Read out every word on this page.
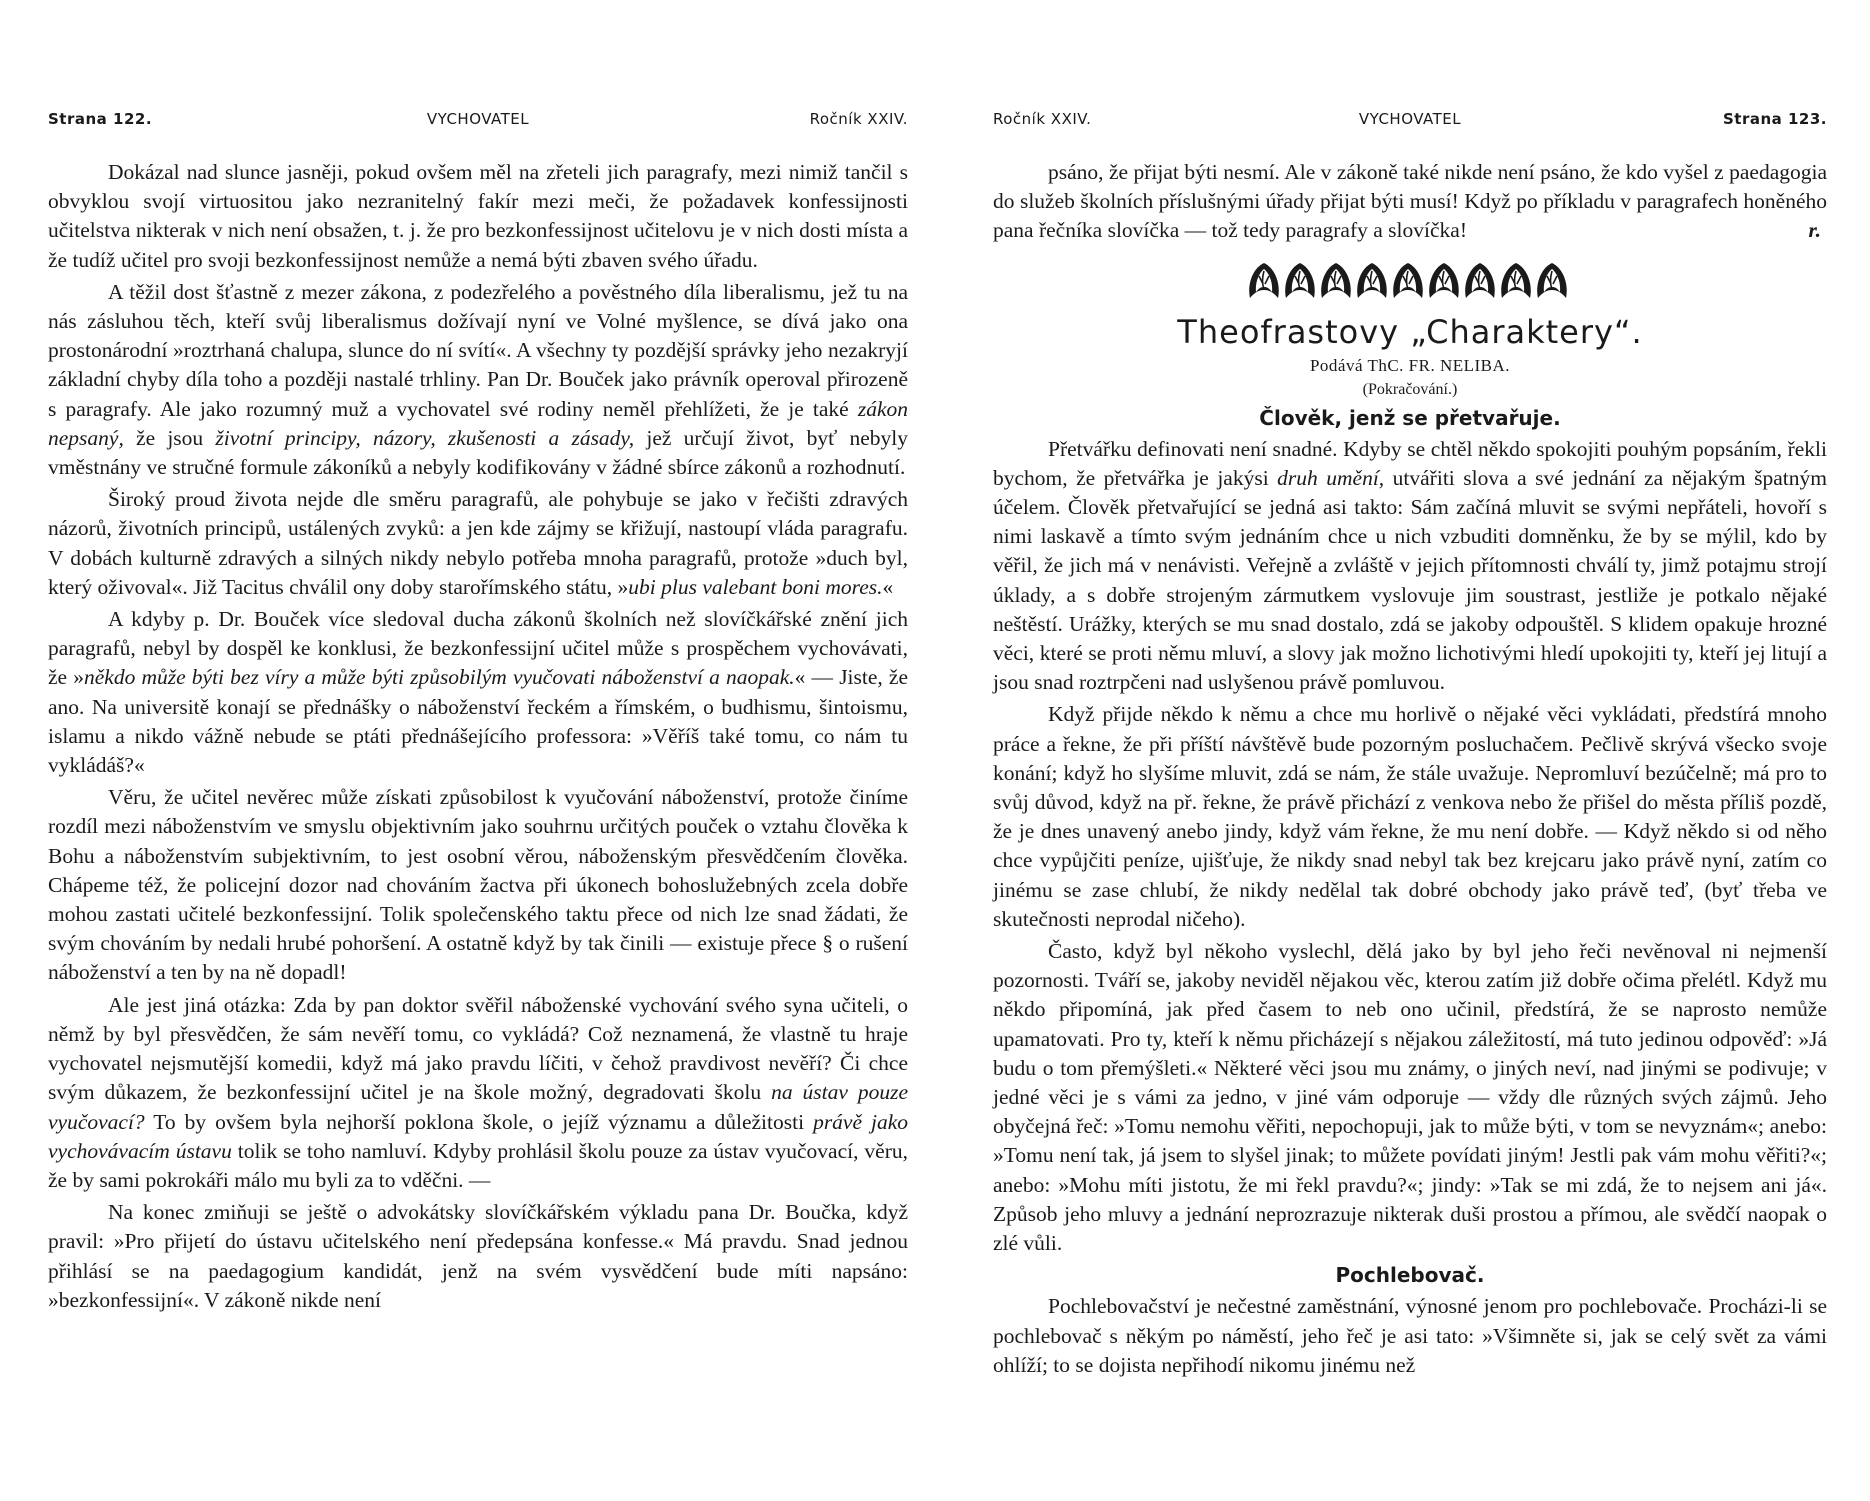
Strana 122.	VYCHOVATEL	Ročník XXIV.

Dokázal nad slunce jasněji, pokud ovšem měl na zřeteli jich paragrafy, mezi nimiž tančil s obvyklou svojí virtuositou jako nezranitelný fakír mezi meči, že požadavek konfessijnosti učitelstva nikterak v nich není obsažen, t. j. že pro bezkonfessijnost učitelovu je v nich dosti místa a že tudíž učitel pro svoji bezkonfessijnost nemůže a nemá býti zbaven svého úřadu.

A těžil dost šťastně z mezer zákona, z podezřelého a pověstného díla liberalismu, jež tu na nás zásluhou těch, kteří svůj liberalismus dožívají nyní ve Volné myšlence, se dívá jako ona prostonárodní »roztrhaná chalupa, slunce do ní svítí«. A všechny ty pozdější správky jeho nezakryjí základní chyby díla toho a později nastalé trhliny. Pan Dr. Bouček jako právník operoval přirozeně s paragrafy. Ale jako rozumný muž a vychovatel své rodiny neměl přehlížeti, že je také zákon nepsaný, že jsou životní principy, názory, zkušenosti a zásady, jež určují život, byť nebyly vměstnány ve stručné formule zákoníků a nebyly kodifikovány v žádné sbírce zákonů a rozhodnutí.

Široký proud života nejde dle směru paragrafů, ale pohybuje se jako v řečišti zdravých názorů, životních principů, ustálených zvyků: a jen kde zájmy se křižují, nastoupí vláda paragrafu. V dobách kulturně zdravých a silných nikdy nebylo potřeba mnoha paragrafů, protože »duch byl, který oživoval«. Již Tacitus chválil ony doby starořímského státu, »ubi plus valebant boni mores.«

A kdyby p. Dr. Bouček více sledoval ducha zákonů školních než slovíčkářské znění jich paragrafů, nebyl by dospěl ke konklusi, že bezkonfessijní učitel může s prospěchem vychovávati, že »někdo může býti bez víry a může býti způsobilým vyučovati náboženství a naopak.« — Jiste, že ano. Na universitě konají se přednášky o náboženství řeckém a římském, o budhismu, šintoismu, islamu a nikdo vážně nebude se ptáti přednášejícího professora: »Věříš také tomu, co nám tu vykládáš?«

Věru, že učitel nevěrec může získati způsobilost k vyučování náboženství, protože činíme rozdíl mezi náboženstvím ve smyslu objektivním jako souhrnu určitých pouček o vztahu člověka k Bohu a náboženstvím subjektivním, to jest osobní věrou, náboženským přesvědčením člověka. Chápeme též, že policejní dozor nad chováním žactva při úkonech bohoslužebných zcela dobře mohou zastati učitelé bezkonfessijní. Tolik společenského taktu přece od nich lze snad žádati, že svým chováním by nedali hrubé pohoršení. A ostatně když by tak činili — existuje přece § o rušení náboženství a ten by na ně dopadl!

Ale jest jiná otázka: Zda by pan doktor svěřil náboženské vychování svého syna učiteli, o němž by byl přesvědčen, že sám nevěří tomu, co vykládá? Což neznamená, že vlastně tu hraje vychovatel nejsmutější komedii, když má jako pravdu líčiti, v čehož pravdivost nevěří? Či chce svým důkazem, že bezkonfessijní učitel je na škole možný, degradovati školu na ústav pouze vyučovací? To by ovšem byla nejhorší poklona škole, o jejíž významu a důležitosti právě jako vychovávacím ústavu tolik se toho namluví. Kdyby prohlásil školu pouze za ústav vyučovací, věru, že by sami pokrokáři málo mu byli za to vděčni. —

Na konec zmiňuji se ještě o advokátsky slovíčkářském výkladu pana Dr. Boučka, když pravil: »Pro přijetí do ústavu učitelského není předepsána konfesse.« Má pravdu. Snad jednou přihlásí se na paedagogium kandidát, jenž na svém vysvědčení bude míti napsáno: »bezkonfessijní«. V zákoně nikde není

Ročník XXIV.	VYCHOVATEL	Strana 123.

psáno, že přijat býti nesmí. Ale v zákoně také nikde není psáno, že kdo vyšel z paedagogia do služeb školních příslušnými úřady přijat býti musí! Když po příkladu v paragrafech honěného pana řečníka slovíčka — tož tedy paragrafy a slovíčka!	r.

Theofrastovy „Charaktery“.
Podává ThC. FR. NELIBA.
(Pokračování.)
Člověk, jenž se přetvařuje.

Přetvářku definovati není snadné. Kdyby se chtěl někdo spokojiti pouhým popsáním, řekli bychom, že přetvářka je jakýsi druh umění, utvářiti slova a své jednání za nějakým špatným účelem. Člověk přetvařující se jedná asi takto: Sám začíná mluvit se svými nepřáteli, hovoří s nimi laskavě a tímto svým jednáním chce u nich vzbuditi domněnku, že by se mýlil, kdo by věřil, že jich má v nenávisti. Veřejně a zvláště v jejich přítomnosti chválí ty, jimž potajmu strojí úklady, a s dobře strojeným zármutkem vyslovuje jim soustrast, jestliže je potkalo nějaké neštěstí. Urážky, kterých se mu snad dostalo, zdá se jakoby odpouštěl. S klidem opakuje hrozné věci, které se proti němu mluví, a slovy jak možno lichotivými hledí upokojiti ty, kteří jej litují a jsou snad roztrpčeni nad uslyšenou právě pomluvou.

Když přijde někdo k němu a chce mu horlivě o nějaké věci vykládati, předstírá mnoho práce a řekne, že při příští návštěvě bude pozorným posluchačem. Pečlivě skrývá všecko svoje konání; když ho slyšíme mluvit, zdá se nám, že stále uvažuje. Nepromluví bezúčelně; má pro to svůj důvod, když na př. řekne, že právě přichází z venkova nebo že přišel do města příliš pozdě, že je dnes unavený anebo jindy, když vám řekne, že mu není dobře. — Když někdo si od něho chce vypůjčiti peníze, ujišťuje, že nikdy snad nebyl tak bez krejcaru jako právě nyní, zatím co jinému se zase chlubí, že nikdy nedělal tak dobré obchody jako právě teď, (byť třeba ve skutečnosti neprodal ničeho).

Často, když byl někoho vyslechl, dělá jako by byl jeho řeči nevěnoval ni nejmenší pozornosti. Tváří se, jakoby neviděl nějakou věc, kterou zatím již dobře očima přelétl. Když mu někdo připomíná, jak před časem to neb ono učinil, předstírá, že se naprosto nemůže upamatovati. Pro ty, kteří k němu přicházejí s nějakou záležitostí, má tuto jedinou odpověď: »Já budu o tom přemýšleti.« Některé věci jsou mu známy, o jiných neví, nad jinými se podivuje; v jedné věci je s vámi za jedno, v jiné vám odporuje — vždy dle různých svých zájmů. Jeho obyčejná řeč: »Tomu nemohu věřiti, nepochopuji, jak to může býti, v tom se nevyznám«; anebo: »Tomu není tak, já jsem to slyšel jinak; to můžete povídati jiným! Jestli pak vám mohu věřiti?«; anebo: »Mohu míti jistotu, že mi řekl pravdu?«; jindy: »Tak se mi zdá, že to nejsem ani já«. Způsob jeho mluvy a jednání neprozrazuje nikterak duši prostou a přímou, ale svědčí naopak o zlé vůli.

Pochlebovač.

Pochlebovačství je nečestné zaměstnání, výnosné jenom pro pochlebovače. Procházi-li se pochlebovač s někým po náměstí, jeho řeč je asi tato: »Všimněte si, jak se celý svět za vámi ohlíží; to se dojista nepřihodí nikomu jinému než
